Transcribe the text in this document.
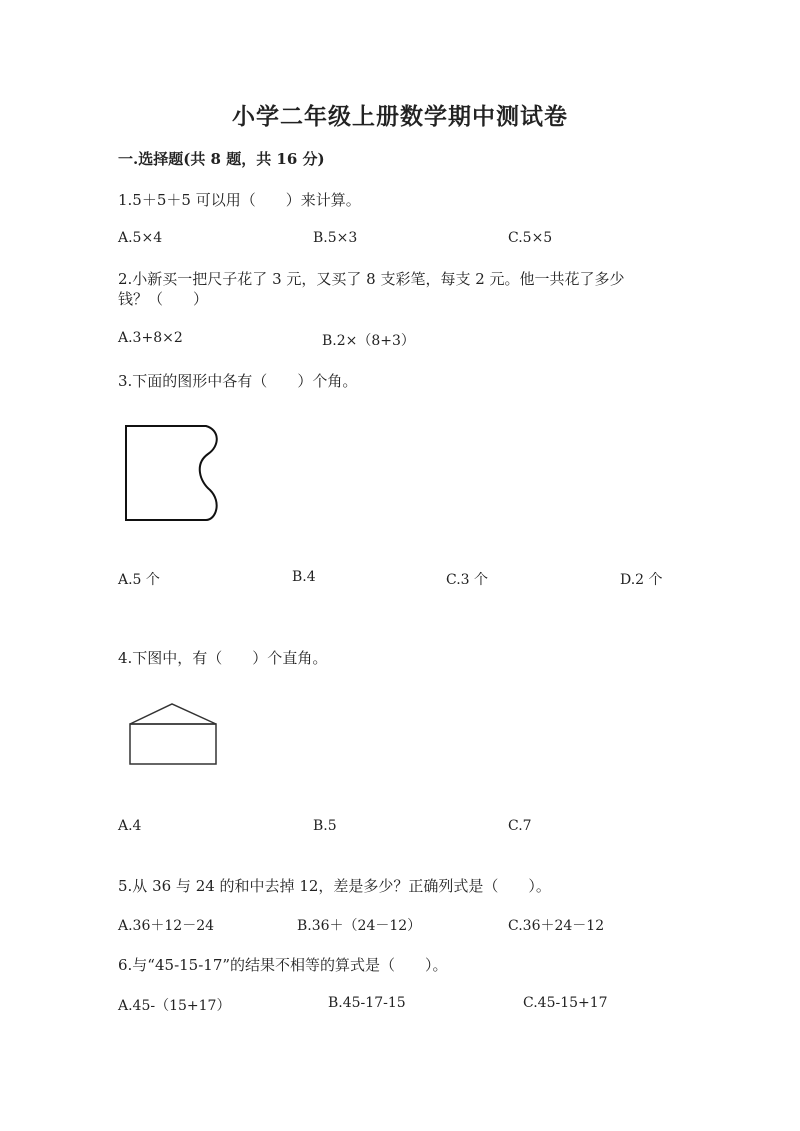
小学二年级上册数学期中测试卷
一.选择题(共 8 题，共 16 分)
1.5＋5＋5 可以用（　　）来计算。
A.5×4	B.5×3	C.5×5
2.小新买一把尺子花了 3 元，又买了 8 支彩笔，每支 2 元。他一共花了多少
钱？（　　）
A.3+8×2	B.2×（8+3）
3.下面的图形中各有（　　）个角。
A.5 个	B.4	C.3 个	D.2 个
4.下图中，有（　　）个直角。
A.4	B.5	C.7
5.从 36 与 24 的和中去掉 12，差是多少？正确列式是（　　）。
A.36＋12－24	B.36＋（24－12）	C.36＋24－12
6.与“45-15-17”的结果不相等的算式是（　　）。
A.45-（15+17）	B.45-17-15	C.45-15+17
